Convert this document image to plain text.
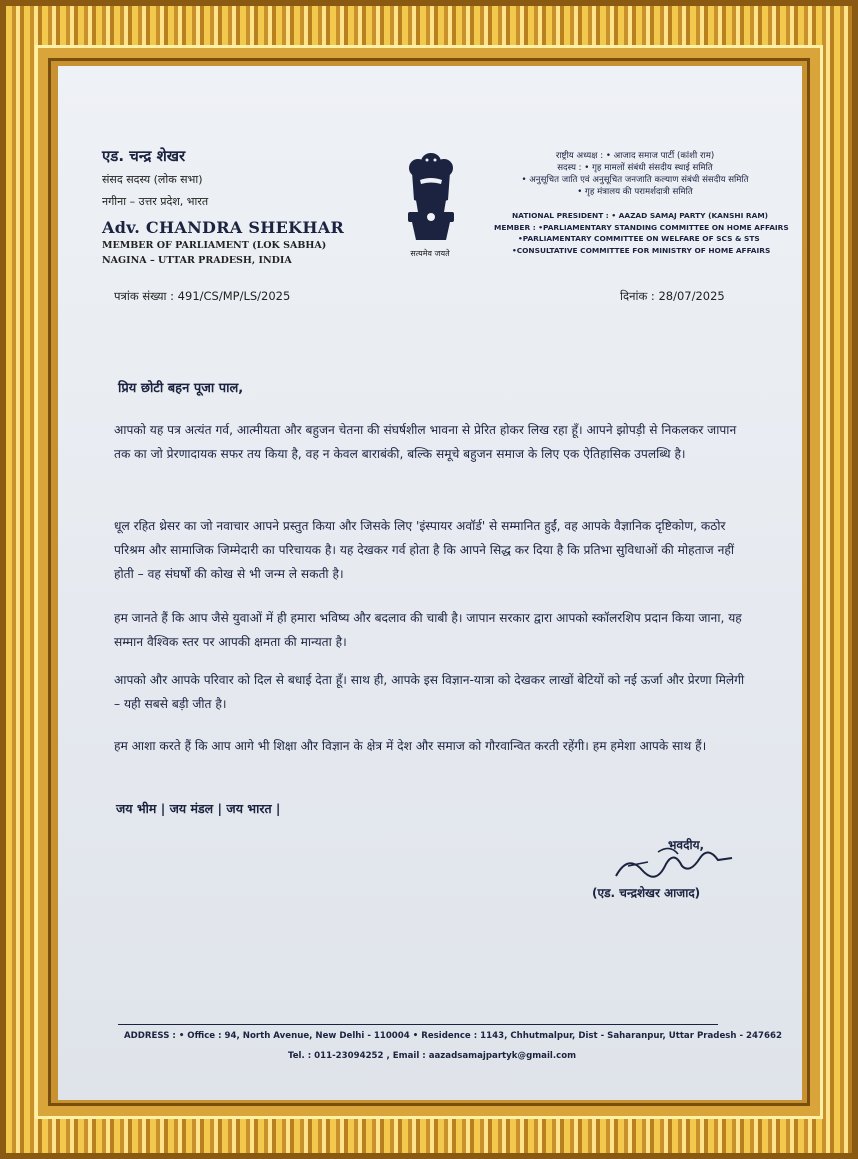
एड. चन्द्र शेखर
संसद सदस्य (लोक सभा)
नगीना – उत्तर प्रदेश, भारत
Adv. CHANDRA SHEKHAR
MEMBER OF PARLIAMENT (LOK SABHA)
NAGINA – UTTAR PRADESH, INDIA
सत्यमेव जयते
राष्ट्रीय अध्यक्ष : • आजाद समाज पार्टी (कांशी राम)
सदस्य : • गृह मामलों संबंधी संसदीय स्थाई समिति
• अनुसूचित जाति एवं अनुसूचित जनजाति कल्याण संबंधी संसदीय समिति
• गृह मंत्रालय की परामर्शदात्री समिति
NATIONAL PRESIDENT : • AAZAD SAMAJ PARTY (KANSHI RAM)
MEMBER : •PARLIAMENTARY STANDING COMMITTEE ON HOME AFFAIRS
•PARLIAMENTARY COMMITTEE ON WELFARE OF SCS & STS
•CONSULTATIVE COMMITTEE FOR MINISTRY OF HOME AFFAIRS
पत्रांक संख्या : 491/CS/MP/LS/2025	दिनांक : 28/07/2025
प्रिय छोटी बहन पूजा पाल,
आपको यह पत्र अत्यंत गर्व, आत्मीयता और बहुजन चेतना की संघर्षशील भावना से प्रेरित होकर लिख रहा हूँ। आपने झोपड़ी से निकलकर जापान तक का जो प्रेरणादायक सफर तय किया है, वह न केवल बाराबंकी, बल्कि समूचे बहुजन समाज के लिए एक ऐतिहासिक उपलब्धि है।
धूल रहित थ्रेसर का जो नवाचार आपने प्रस्तुत किया और जिसके लिए 'इंस्पायर अवॉर्ड' से सम्मानित हुईं, वह आपके वैज्ञानिक दृष्टिकोण, कठोर परिश्रम और सामाजिक जिम्मेदारी का परिचायक है। यह देखकर गर्व होता है कि आपने सिद्ध कर दिया है कि प्रतिभा सुविधाओं की मोहताज नहीं होती – वह संघर्षों की कोख से भी जन्म ले सकती है।
हम जानते हैं कि आप जैसे युवाओं में ही हमारा भविष्य और बदलाव की चाबी है। जापान सरकार द्वारा आपको स्कॉलरशिप प्रदान किया जाना, यह सम्मान वैश्विक स्तर पर आपकी क्षमता की मान्यता है।
आपको और आपके परिवार को दिल से बधाई देता हूँ। साथ ही, आपके इस विज्ञान-यात्रा को देखकर लाखों बेटियों को नई ऊर्जा और प्रेरणा मिलेगी – यही सबसे बड़ी जीत है।
हम आशा करते हैं कि आप आगे भी शिक्षा और विज्ञान के क्षेत्र में देश और समाज को गौरवान्वित करती रहेंगी। हम हमेशा आपके साथ हैं।
जय भीम | जय मंडल | जय भारत |
भवदीय,
(एड. चन्द्रशेखर आजाद)
ADDRESS : • Office : 94, North Avenue, New Delhi - 110004 • Residence : 1143, Chhutmalpur, Dist - Saharanpur, Uttar Pradesh - 247662
Tel. : 011-23094252 , Email : aazadsamajpartyk@gmail.com
